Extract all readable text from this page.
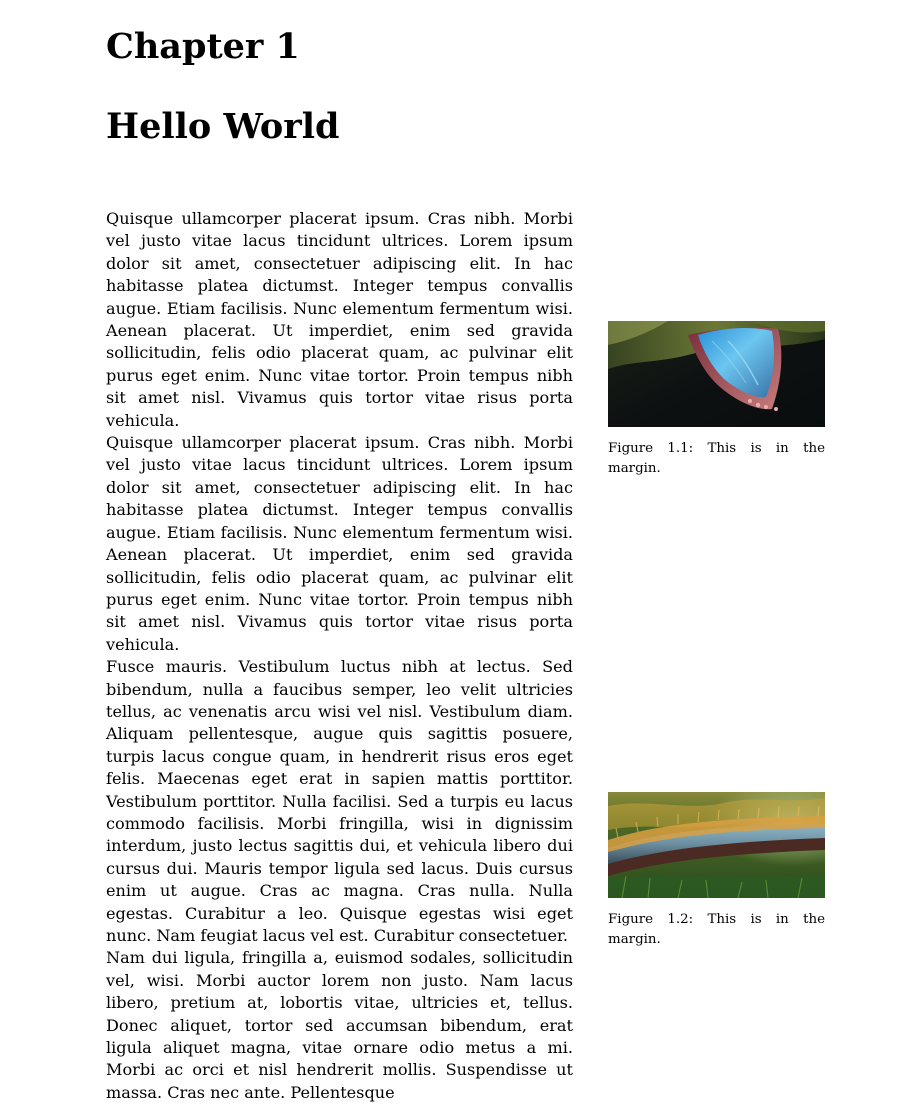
Chapter 1
Hello World

Quisque ullamcorper placerat ipsum. Cras nibh. Morbi vel justo vitae lacus tincidunt ultrices. Lorem ipsum dolor sit amet, consectetuer adipiscing elit. In hac habitasse platea dictumst. Integer tempus convallis augue. Etiam facilisis. Nunc elementum fermentum wisi. Aenean placerat. Ut imperdiet, enim sed gravida sollicitudin, felis odio placerat quam, ac pulvinar elit purus eget enim. Nunc vitae tortor. Proin tempus nibh sit amet nisl. Vivamus quis tortor vitae risus porta vehicula.

Quisque ullamcorper placerat ipsum. Cras nibh. Morbi vel justo vitae lacus tincidunt ultrices. Lorem ipsum dolor sit amet, consectetuer adipiscing elit. In hac habitasse platea dictumst. Integer tempus convallis augue. Etiam facilisis. Nunc elementum fermentum wisi. Aenean placerat. Ut imperdiet, enim sed gravida sollicitudin, felis odio placerat quam, ac pulvinar elit purus eget enim. Nunc vitae tortor. Proin tempus nibh sit amet nisl. Vivamus quis tortor vitae risus porta vehicula.

Fusce mauris. Vestibulum luctus nibh at lectus. Sed bibendum, nulla a faucibus semper, leo velit ultricies tellus, ac venenatis arcu wisi vel nisl. Vestibulum diam. Aliquam pellentesque, augue quis sagittis posuere, turpis lacus congue quam, in hendrerit risus eros eget felis. Maecenas eget erat in sapien mattis porttitor. Vestibulum porttitor. Nulla facilisi. Sed a turpis eu lacus commodo facilisis. Morbi fringilla, wisi in dignissim interdum, justo lectus sagittis dui, et vehicula libero dui cursus dui. Mauris tempor ligula sed lacus. Duis cursus enim ut augue. Cras ac magna. Cras nulla. Nulla egestas. Curabitur a leo. Quisque egestas wisi eget nunc. Nam feugiat lacus vel est. Curabitur consectetuer.

Nam dui ligula, fringilla a, euismod sodales, sollicitudin vel, wisi. Morbi auctor lorem non justo. Nam lacus libero, pretium at, lobortis vitae, ultricies et, tellus. Donec aliquet, tortor sed accumsan bibendum, erat ligula aliquet magna, vitae ornare odio metus a mi. Morbi ac orci et nisl hendrerit mollis. Suspendisse ut massa. Cras nec ante. Pellentesque

Figure 1.1: This is in the margin.
Figure 1.2: This is in the margin.
